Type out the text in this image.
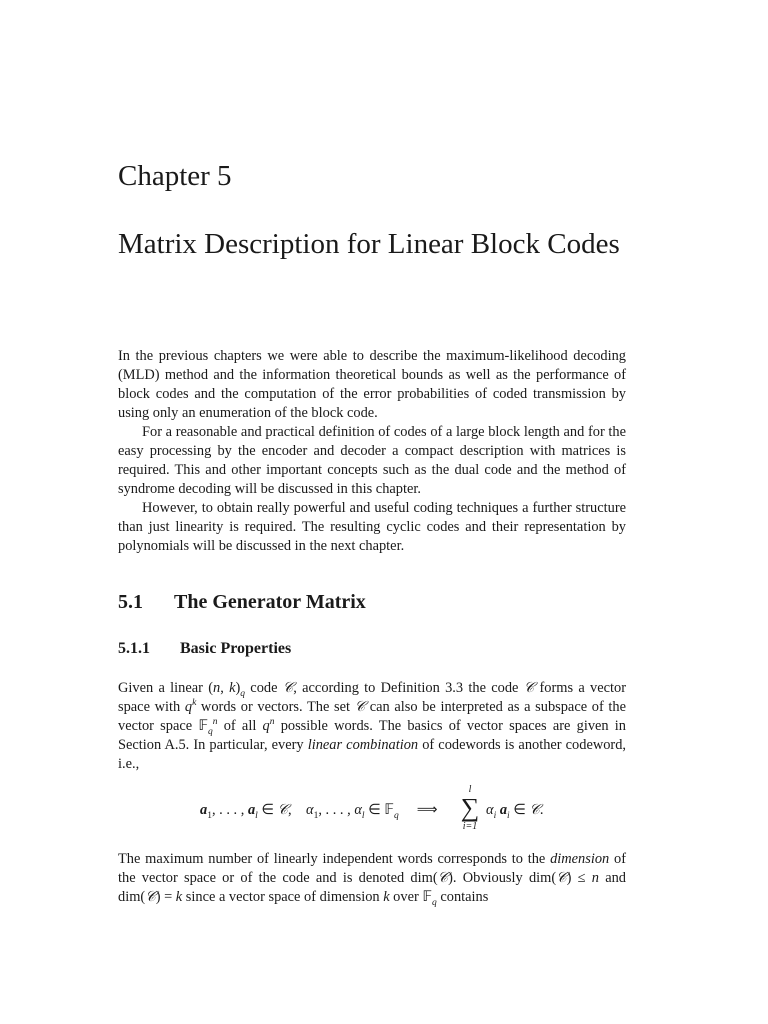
Chapter 5
Matrix Description for Linear Block Codes

In the previous chapters we were able to describe the maximum-likelihood decoding (MLD) method and the information theoretical bounds as well as the performance of block codes and the computation of the error probabilities of coded transmission by using only an enumeration of the block code.

For a reasonable and practical definition of codes of a large block length and for the easy processing by the encoder and decoder a compact description with matrices is required. This and other important concepts such as the dual code and the method of syndrome decoding will be discussed in this chapter.

However, to obtain really powerful and useful coding techniques a further structure than just linearity is required. The resulting cyclic codes and their representation by polynomials will be discussed in the next chapter.

5.1 The Generator Matrix
5.1.1 Basic Properties

Given a linear (n, $k)_q$ code 𝒞, according to Definition 3.3 the code 𝒞 forms a vector space with $q^k$ words or vectors. The set 𝒞 can also be interpreted as a subspace of the vector space 𝔽$_q^n$ of all $q^n$ possible words. The basics of vector spaces are given in Section A.5. In particular, every linear combination of codewords is another codeword, i.e.,

$a_1$, . . . , $a_l$ ∈ 𝒞,    $\alpha_1$, . . . , $\alpha_l$ ∈ 𝔽$_q$ ⟹
l
∑
i=1
$\alpha_i$ $a_i$ ∈ 𝒞.

The maximum number of linearly independent words corresponds to the dimension of the vector space or of the code and is denoted dim(𝒞). Obviously dim(𝒞) ≤ n and dim(𝒞) = k since a vector space of dimension k over 𝔽$_q$ contains
